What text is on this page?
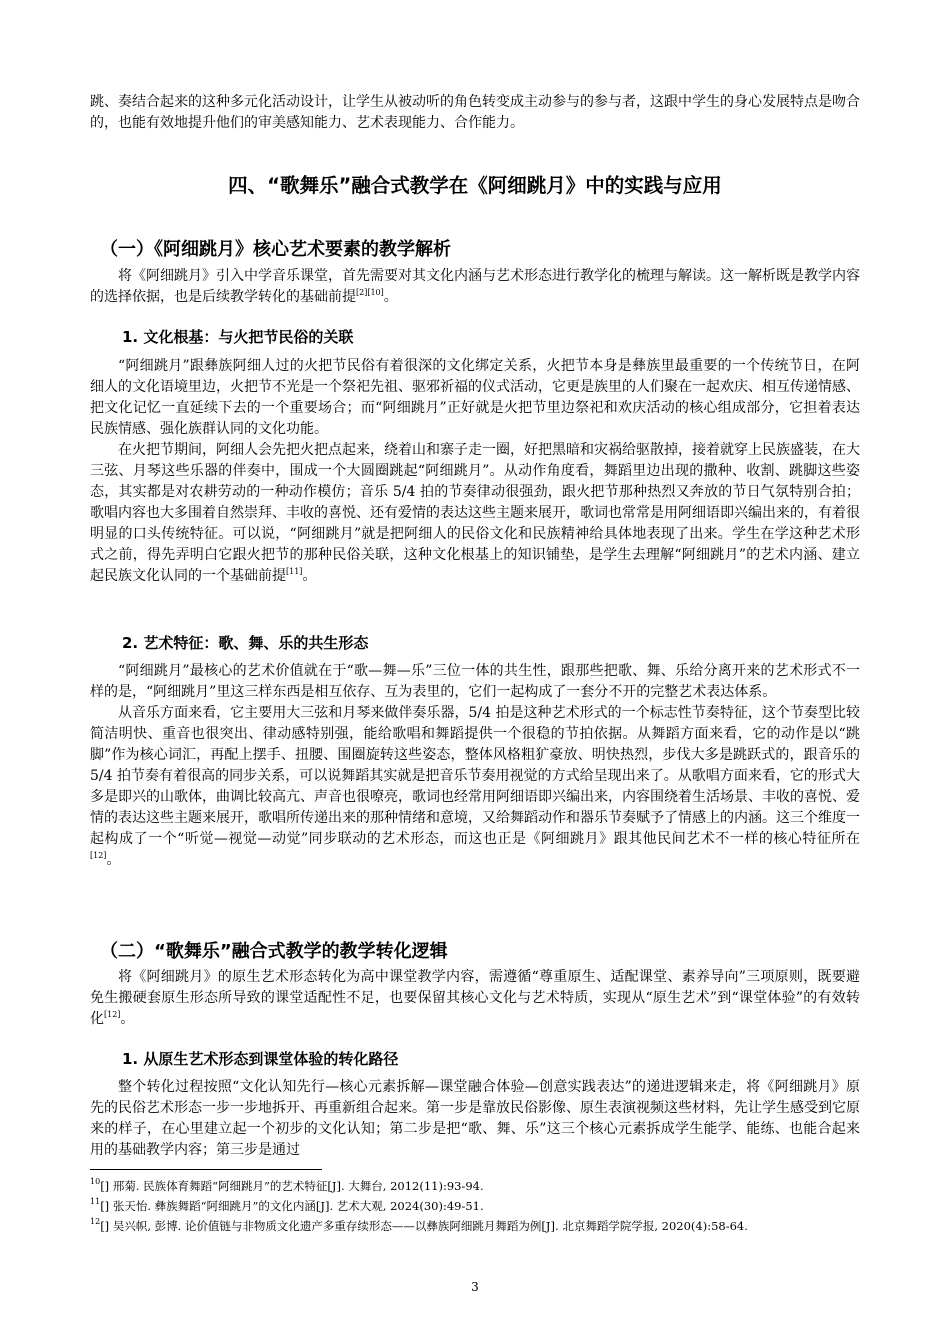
跳、奏结合起来的这种多元化活动设计，让学生从被动听的角色转变成主动参与的参与者，这跟中学生的身心发展特点是吻合的，也能有效地提升他们的审美感知能力、艺术表现能力、合作能力。

四、“歌舞乐”融合式教学在《阿细跳月》中的实践与应用
（一）《阿细跳月》核心艺术要素的教学解析

将《阿细跳月》引入中学音乐课堂，首先需要对其文化内涵与艺术形态进行教学化的梳理与解读。这一解析既是教学内容的选择依据，也是后续教学转化的基础前提[2][10]。

1. 文化根基：与火把节民俗的关联

“阿细跳月”跟彝族阿细人过的火把节民俗有着很深的文化绑定关系，火把节本身是彝族里最重要的一个传统节日，在阿细人的文化语境里边，火把节不光是一个祭祀先祖、驱邪祈福的仪式活动，它更是族里的人们聚在一起欢庆、相互传递情感、把文化记忆一直延续下去的一个重要场合；而“阿细跳月”正好就是火把节里边祭祀和欢庆活动的核心组成部分，它担着表达民族情感、强化族群认同的文化功能。

在火把节期间，阿细人会先把火把点起来，绕着山和寨子走一圈，好把黑暗和灾祸给驱散掉，接着就穿上民族盛装，在大三弦、月琴这些乐器的伴奏中，围成一个大圆圈跳起“阿细跳月”。从动作角度看，舞蹈里边出现的撒种、收割、跳脚这些姿态，其实都是对农耕劳动的一种动作模仿；音乐 5/4 拍的节奏律动很强劲，跟火把节那种热烈又奔放的节日气氛特别合拍；歌唱内容也大多围着自然崇拜、丰收的喜悦、还有爱情的表达这些主题来展开，歌词也常常是用阿细语即兴编出来的，有着很明显的口头传统特征。可以说，“阿细跳月”就是把阿细人的民俗文化和民族精神给具体地表现了出来。学生在学这种艺术形式之前，得先弄明白它跟火把节的那种民俗关联，这种文化根基上的知识铺垫，是学生去理解“阿细跳月”的艺术内涵、建立起民族文化认同的一个基础前提[11]。

2. 艺术特征：歌、舞、乐的共生形态

“阿细跳月”最核心的艺术价值就在于“歌—舞—乐”三位一体的共生性，跟那些把歌、舞、乐给分离开来的艺术形式不一样的是，“阿细跳月”里这三样东西是相互依存、互为表里的，它们一起构成了一套分不开的完整艺术表达体系。

从音乐方面来看，它主要用大三弦和月琴来做伴奏乐器，5/4 拍是这种艺术形式的一个标志性节奏特征，这个节奏型比较简洁明快、重音也很突出、律动感特别强，能给歌唱和舞蹈提供一个很稳的节拍依据。从舞蹈方面来看，它的动作是以“跳脚”作为核心词汇，再配上摆手、扭腰、围圈旋转这些姿态，整体风格粗犷豪放、明快热烈，步伐大多是跳跃式的，跟音乐的 5/4 拍节奏有着很高的同步关系，可以说舞蹈其实就是把音乐节奏用视觉的方式给呈现出来了。从歌唱方面来看，它的形式大多是即兴的山歌体，曲调比较高亢、声音也很嘹亮，歌词也经常用阿细语即兴编出来，内容围绕着生活场景、丰收的喜悦、爱情的表达这些主题来展开，歌唱所传递出来的那种情绪和意境，又给舞蹈动作和器乐节奏赋予了情感上的内涵。这三个维度一起构成了一个“听觉—视觉—动觉”同步联动的艺术形态，而这也正是《阿细跳月》跟其他民间艺术不一样的核心特征所在[12]。

（二）“歌舞乐”融合式教学的教学转化逻辑

将《阿细跳月》的原生艺术形态转化为高中课堂教学内容，需遵循“尊重原生、适配课堂、素养导向”三项原则，既要避免生搬硬套原生形态所导致的课堂适配性不足，也要保留其核心文化与艺术特质，实现从“原生艺术”到“课堂体验”的有效转化[12]。

1. 从原生艺术形态到课堂体验的转化路径

整个转化过程按照“文化认知先行—核心元素拆解—课堂融合体验—创意实践表达”的递进逻辑来走，将《阿细跳月》原先的民俗艺术形态一步一步地拆开、再重新组合起来。第一步是靠放民俗影像、原生表演视频这些材料，先让学生感受到它原来的样子，在心里建立起一个初步的文化认知；第二步是把“歌、舞、乐”这三个核心元素拆成学生能学、能练、也能合起来用的基础教学内容；第三步是通过

$^{10}$[] 邢菊. 民族体育舞蹈“阿细跳月”的艺术特征[J]. 大舞台, 2012(11):93-94.

$^{11}$[] 张天怡. 彝族舞蹈“阿细跳月”的文化内涵[J]. 艺术大观, 2024(30):49-51.

$^{12}$[] 吴兴帜, 彭博. 论价值链与非物质文化遗产多重存续形态——以彝族阿细跳月舞蹈为例[J]. 北京舞蹈学院学报, 2020(4):58-64.

3
